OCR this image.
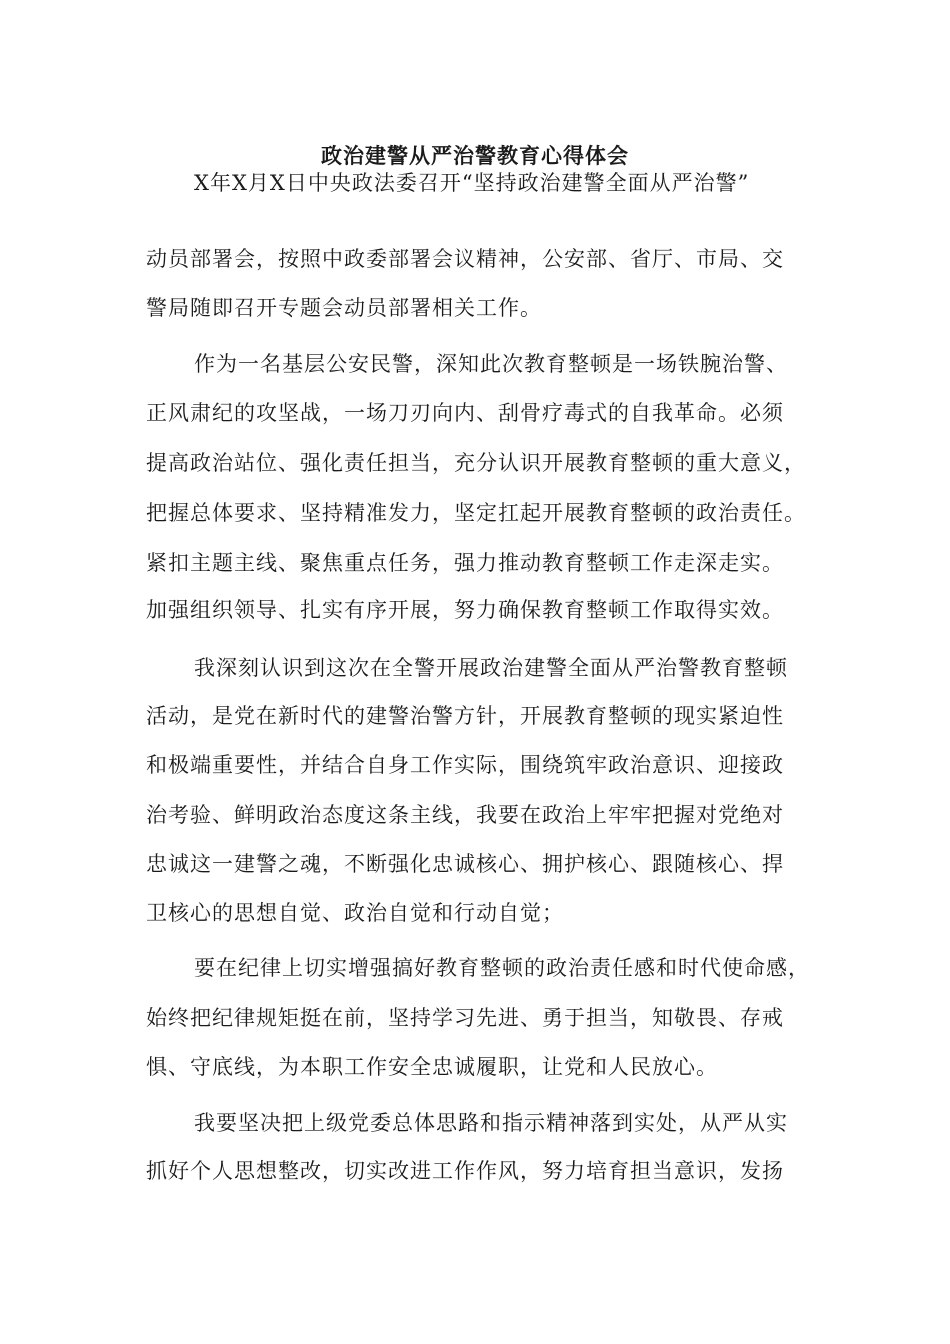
政治建警从严治警教育心得体会
X年X月X日中央政法委召开“坚持政治建警全面从严治警”
动员部署会，按照中政委部署会议精神，公安部、省厅、市局、交
警局随即召开专题会动员部署相关工作。
作为一名基层公安民警，深知此次教育整顿是一场铁腕治警、
正风肃纪的攻坚战，一场刀刃向内、刮骨疗毒式的自我革命。必须
提高政治站位、强化责任担当，充分认识开展教育整顿的重大意义，
把握总体要求、坚持精准发力，坚定扛起开展教育整顿的政治责任。
紧扣主题主线、聚焦重点任务，强力推动教育整顿工作走深走实。
加强组织领导、扎实有序开展，努力确保教育整顿工作取得实效。
我深刻认识到这次在全警开展政治建警全面从严治警教育整顿
活动，是党在新时代的建警治警方针，开展教育整顿的现实紧迫性
和极端重要性，并结合自身工作实际，围绕筑牢政治意识、迎接政
治考验、鲜明政治态度这条主线，我要在政治上牢牢把握对党绝对
忠诚这一建警之魂，不断强化忠诚核心、拥护核心、跟随核心、捍
卫核心的思想自觉、政治自觉和行动自觉；
要在纪律上切实增强搞好教育整顿的政治责任感和时代使命感，
始终把纪律规矩挺在前，坚持学习先进、勇于担当，知敬畏、存戒
惧、守底线，为本职工作安全忠诚履职，让党和人民放心。
我要坚决把上级党委总体思路和指示精神落到实处，从严从实
抓好个人思想整改，切实改进工作作风，努力培育担当意识，发扬
